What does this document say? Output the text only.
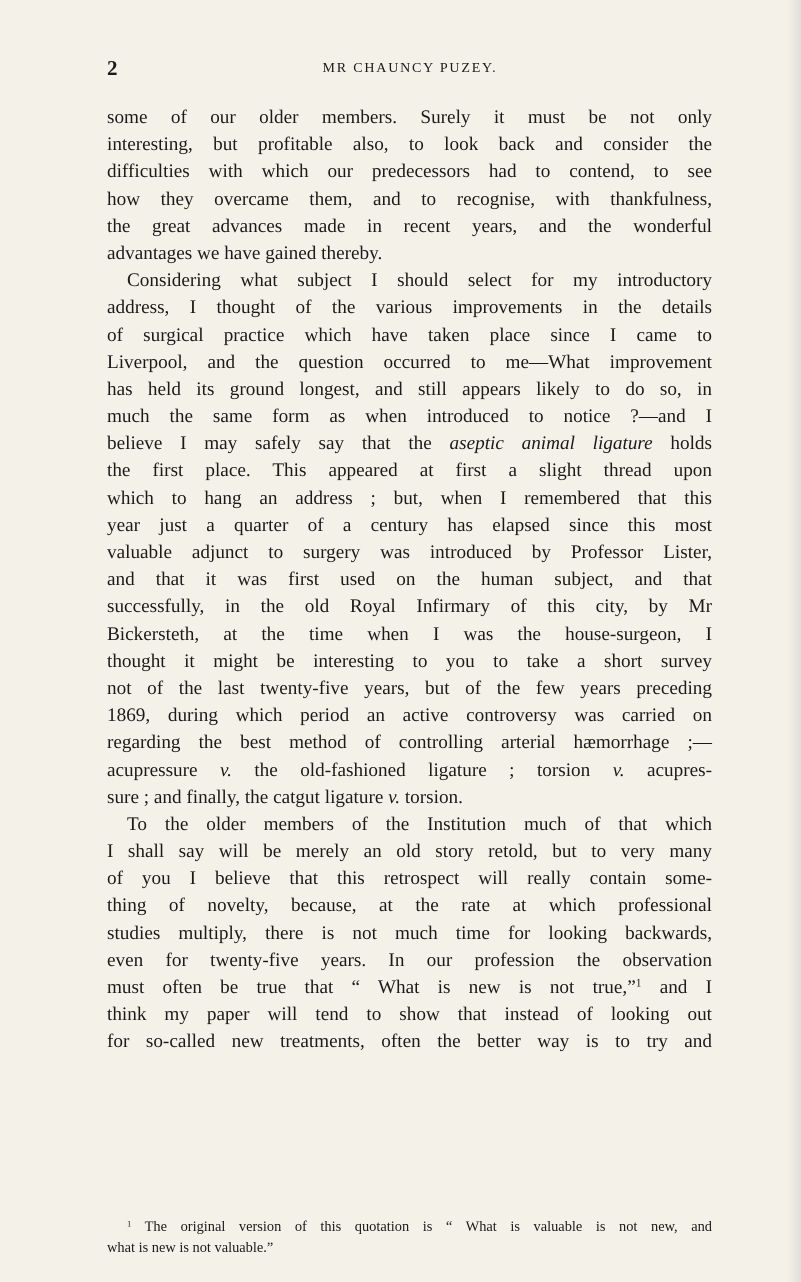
2	MR CHAUNCY PUZEY.
some of our older members. Surely it must be not only
interesting, but profitable also, to look back and consider the
difficulties with which our predecessors had to contend, to see
how they overcame them, and to recognise, with thankfulness,
the great advances made in recent years, and the wonderful
advantages we have gained thereby.
Considering what subject I should select for my introductory
address, I thought of the various improvements in the details
of surgical practice which have taken place since I came to
Liverpool, and the question occurred to me—What improvement
has held its ground longest, and still appears likely to do so, in
much the same form as when introduced to notice ?—and I
believe I may safely say that the aseptic animal ligature holds
the first place. This appeared at first a slight thread upon
which to hang an address ; but, when I remembered that this
year just a quarter of a century has elapsed since this most
valuable adjunct to surgery was introduced by Professor Lister,
and that it was first used on the human subject, and that
successfully, in the old Royal Infirmary of this city, by Mr
Bickersteth, at the time when I was the house-surgeon, I
thought it might be interesting to you to take a short survey
not of the last twenty-five years, but of the few years preceding
1869, during which period an active controversy was carried on
regarding the best method of controlling arterial hæmorrhage ;—
acupressure v. the old-fashioned ligature ; torsion v. acupres-
sure ; and finally, the catgut ligature v. torsion.
To the older members of the Institution much of that which
I shall say will be merely an old story retold, but to very many
of you I believe that this retrospect will really contain some-
thing of novelty, because, at the rate at which professional
studies multiply, there is not much time for looking backwards,
even for twenty-five years. In our profession the observation
must often be true that “ What is new is not true,”$^1$ and I
think my paper will tend to show that instead of looking out
for so-called new treatments, often the better way is to try and
$^1$ The original version of this quotation is “ What is valuable is not new, and
what is new is not valuable.”
